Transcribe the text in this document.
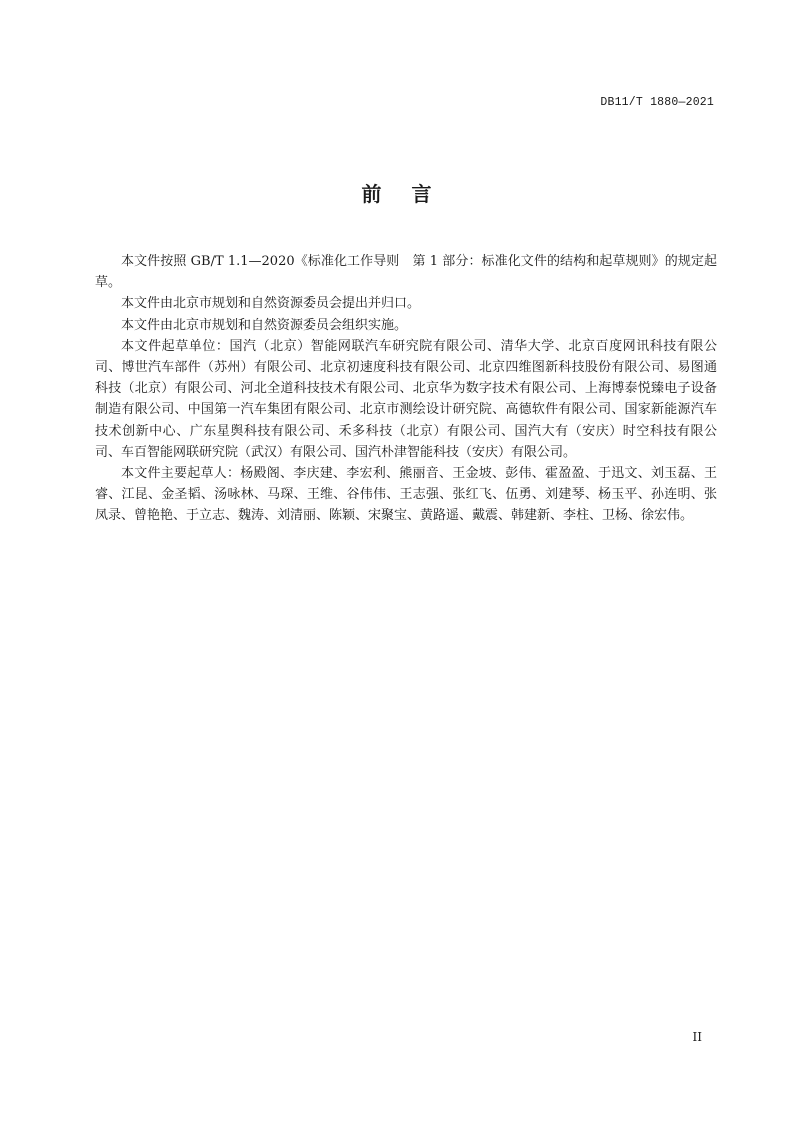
DB11/T 1880—2021
前言

本文件按照 GB/T 1.1—2020《标准化工作导则　第 1 部分：标准化文件的结构和起草规则》的规定起草。

本文件由北京市规划和自然资源委员会提出并归口。

本文件由北京市规划和自然资源委员会组织实施。

本文件起草单位：国汽（北京）智能网联汽车研究院有限公司、清华大学、北京百度网讯科技有限公司、博世汽车部件（苏州）有限公司、北京初速度科技有限公司、北京四维图新科技股份有限公司、易图通科技（北京）有限公司、河北全道科技技术有限公司、北京华为数字技术有限公司、上海博泰悦臻电子设备制造有限公司、中国第一汽车集团有限公司、北京市测绘设计研究院、高德软件有限公司、国家新能源汽车技术创新中心、广东星舆科技有限公司、禾多科技（北京）有限公司、国汽大有（安庆）时空科技有限公司、车百智能网联研究院（武汉）有限公司、国汽朴津智能科技（安庆）有限公司。

本文件主要起草人：杨殿阁、李庆建、李宏利、熊丽音、王金坡、彭伟、霍盈盈、于迅文、刘玉磊、王睿、江昆、金圣韬、汤咏林、马琛、王维、谷伟伟、王志强、张红飞、伍勇、刘建琴、杨玉平、孙连明、张凤录、曾艳艳、于立志、魏涛、刘清丽、陈颖、宋聚宝、黄路遥、戴震、韩建新、李柱、卫杨、徐宏伟。

II
